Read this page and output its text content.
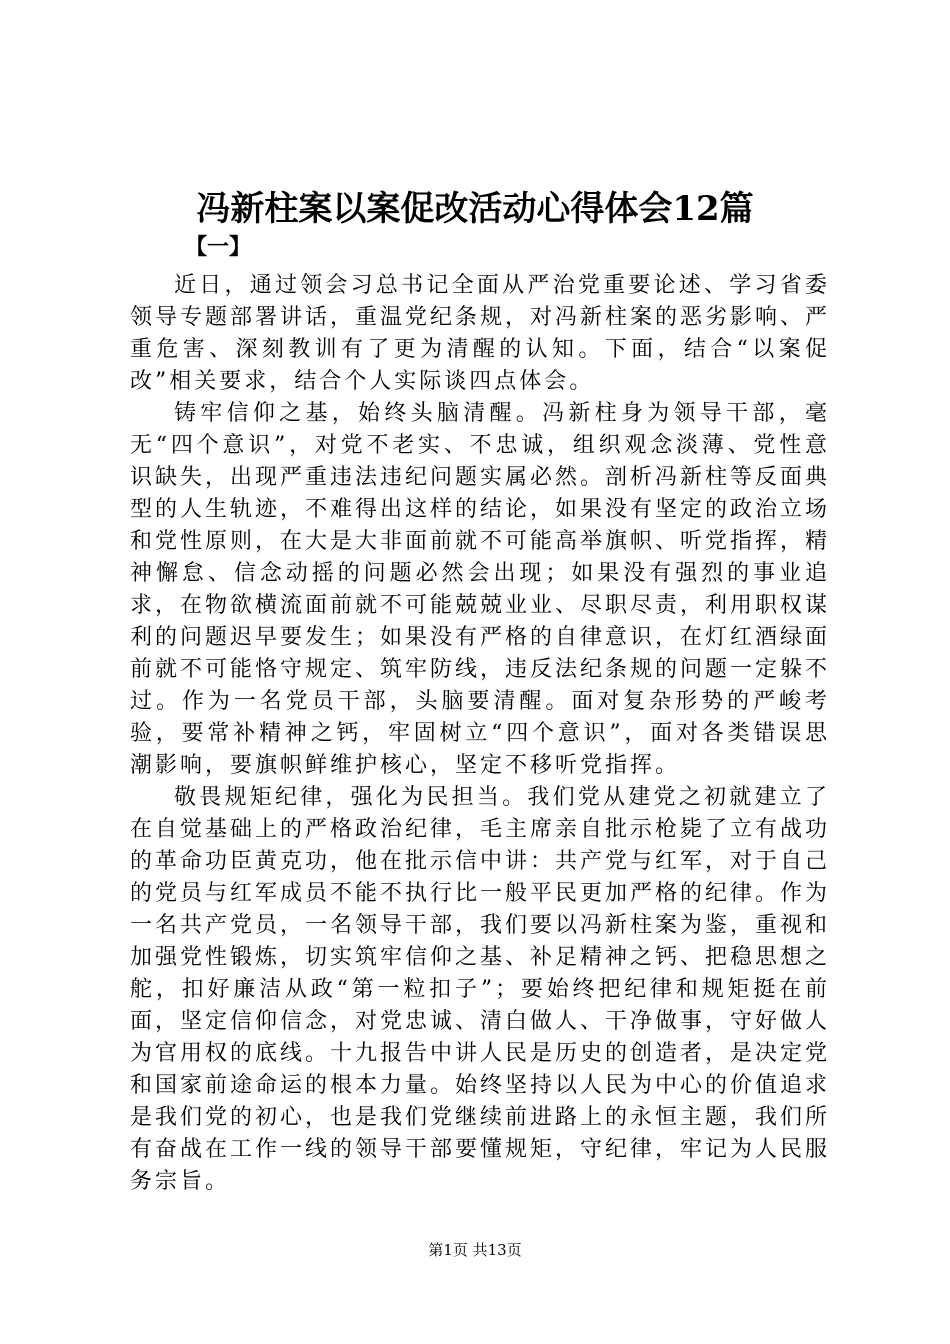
冯新柱案以案促改活动心得体会12篇
【一】

近日，通过领会习总书记全面从严治党重要论述、学习省委领导专题部署讲话，重温党纪条规，对冯新柱案的恶劣影响、严重危害、深刻教训有了更为清醒的认知。下面，结合“以案促改”相关要求，结合个人实际谈四点体会。

铸牢信仰之基，始终头脑清醒。冯新柱身为领导干部，毫无“四个意识”，对党不老实、不忠诚，组织观念淡薄、党性意识缺失，出现严重违法违纪问题实属必然。剖析冯新柱等反面典型的人生轨迹，不难得出这样的结论，如果没有坚定的政治立场和党性原则，在大是大非面前就不可能高举旗帜、听党指挥，精神懈怠、信念动摇的问题必然会出现；如果没有强烈的事业追求，在物欲横流面前就不可能兢兢业业、尽职尽责，利用职权谋利的问题迟早要发生；如果没有严格的自律意识，在灯红酒绿面前就不可能恪守规定、筑牢防线，违反法纪条规的问题一定躲不过。作为一名党员干部，头脑要清醒。面对复杂形势的严峻考验，要常补精神之钙，牢固树立“四个意识”，面对各类错误思潮影响，要旗帜鲜维护核心，坚定不移听党指挥。

敬畏规矩纪律，强化为民担当。我们党从建党之初就建立了在自觉基础上的严格政治纪律，毛主席亲自批示枪毙了立有战功的革命功臣黄克功，他在批示信中讲：共产党与红军，对于自己的党员与红军成员不能不执行比一般平民更加严格的纪律。作为一名共产党员，一名领导干部，我们要以冯新柱案为鉴，重视和加强党性锻炼，切实筑牢信仰之基、补足精神之钙、把稳思想之舵，扣好廉洁从政“第一粒扣子”；要始终把纪律和规矩挺在前面，坚定信仰信念，对党忠诚、清白做人、干净做事，守好做人为官用权的底线。十九报告中讲人民是历史的创造者，是决定党和国家前途命运的根本力量。始终坚持以人民为中心的价值追求是我们党的初心，也是我们党继续前进路上的永恒主题，我们所有奋战在工作一线的领导干部要懂规矩，守纪律，牢记为人民服务宗旨。

第1页 共13页
